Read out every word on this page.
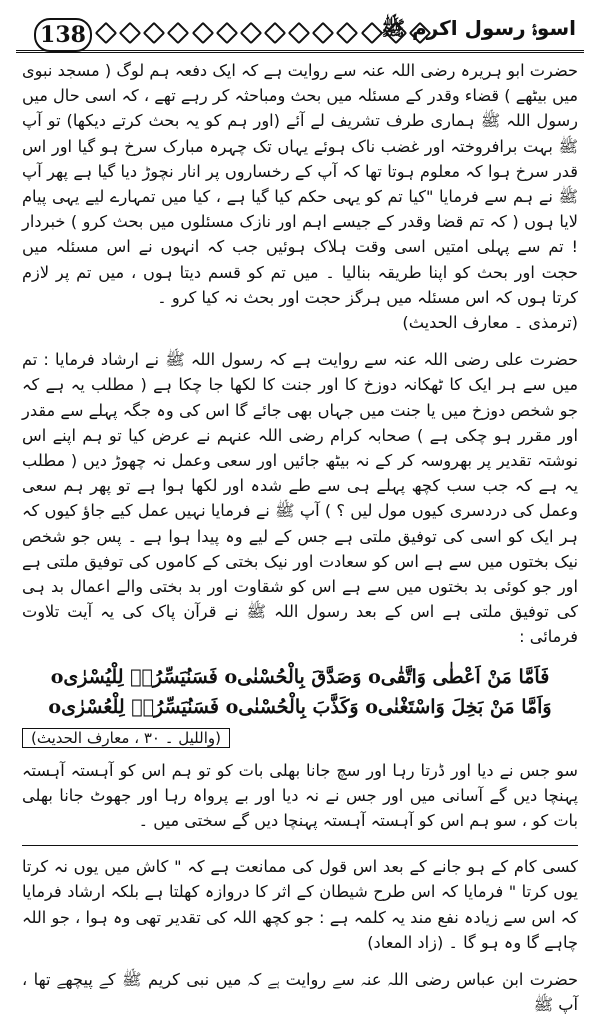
138	اسوۂ رسول اکرم ﷺ

حضرت ابو ہریرہ رضی اللہ عنہ سے روایت ہے کہ ایک دفعہ ہم لوگ ( مسجد نبوی میں بیٹھے ) قضاء وقدر کے مسئلہ میں بحث ومباحثہ کر رہے تھے ، کہ اسی حال میں رسول اللہ ﷺ ہماری طرف تشریف لے آئے (اور ہم کو یہ بحث کرتے دیکھا) تو آپ ﷺ بہت برافروختہ اور غضب ناک ہوئے یہاں تک چہرہ مبارک سرخ ہو گیا اور اس قدر سرخ ہوا کہ معلوم ہوتا تھا کہ آپ کے رخساروں پر انار نچوڑ دیا گیا ہے پھر آپ ﷺ نے ہم سے فرمایا "کیا تم کو یہی حکم کیا گیا ہے ، کیا میں تمہارے لیے یہی پیام لایا ہوں ( کہ تم قضا وقدر کے جیسے اہم اور نازک مسئلوں میں بحث کرو ) خبردار ! تم سے پہلی امتیں اسی وقت ہلاک ہوئیں جب کہ انہوں نے اس مسئلہ میں حجت اور بحث کو اپنا طریقہ بنالیا ۔ میں تم کو قسم دیتا ہوں ، میں تم پر لازم کرتا ہوں کہ اس مسئلہ میں ہرگز حجت اور بحث نہ کیا کرو ۔
(ترمذی ۔ معارف الحدیث)

حضرت علی رضی اللہ عنہ سے روایت ہے کہ رسول اللہ ﷺ نے ارشاد فرمایا : تم میں سے ہر ایک کا ٹھکانہ دوزخ کا اور جنت کا لکھا جا چکا ہے ( مطلب یہ ہے کہ جو شخص دوزخ میں یا جنت میں جہاں بھی جائے گا اس کی وہ جگہ پہلے سے مقدر اور مقرر ہو چکی ہے ) صحابہ کرام رضی اللہ عنہم نے عرض کیا تو ہم اپنے اس نوشتہ تقدیر پر بھروسہ کر کے نہ بیٹھ جائیں اور سعی وعمل نہ چھوڑ دیں ( مطلب یہ ہے کہ جب سب کچھ پہلے ہی سے طے شدہ اور لکھا ہوا ہے تو پھر ہم سعی وعمل کی دردسری کیوں مول لیں ؟ ) آپ ﷺ نے فرمایا نہیں عمل کیے جاؤ کیوں کہ ہر ایک کو اسی کی توفیق ملتی ہے جس کے لیے وہ پیدا ہوا ہے ۔ پس جو شخص نیک بختوں میں سے ہے اس کو سعادت اور نیک بختی کے کاموں کی توفیق ملتی ہے اور جو کوئی بد بختوں میں سے ہے اس کو شقاوت اور بد بختی والے اعمال بد ہی کی توفیق ملتی ہے اس کے بعد رسول اللہ ﷺ نے قرآن پاک کی یہ آیت تلاوت فرمائی :

فَاَمَّا مَنْ اَعْطٰی وَاتَّقٰیo وَصَدَّقَ بِالْحُسْنٰیo فَسَنُیَسِّرُہٗ لِلْیُسْرٰیo
وَاَمَّا مَنْ بَخِلَ وَاسْتَغْنٰیo وَکَذَّبَ بِالْحُسْنٰیo فَسَنُیَسِّرُہٗ لِلْعُسْرٰیo
(واللیل ۔ ۳۰ ، معارف الحدیث)

سو جس نے دیا اور ڈرتا رہا اور سچ جانا بھلی بات کو تو ہم اس کو آہستہ آہستہ پہنچا دیں گے آسانی میں اور جس نے نہ دیا اور بے پرواہ رہا اور جھوٹ جانا بھلی بات کو ، سو ہم اس کو آہستہ آہستہ پہنچا دیں گے سختی میں ۔

کسی کام کے ہو جانے کے بعد اس قول کی ممانعت ہے کہ " کاش میں یوں نہ کرتا یوں کرتا " فرمایا کہ اس طرح شیطان کے اثر کا دروازہ کھلتا ہے بلکہ ارشاد فرمایا کہ اس سے زیادہ نفع مند یہ کلمہ ہے : جو کچھ اللہ کی تقدیر تھی وہ ہوا ، جو اللہ چاہے گا وہ ہو گا ۔ (زاد المعاد)

حضرت ابن عباس رضی اللہ عنہ سے روایت ہے کہ میں نبی کریم ﷺ کے پیچھے تھا ، آپ ﷺ
